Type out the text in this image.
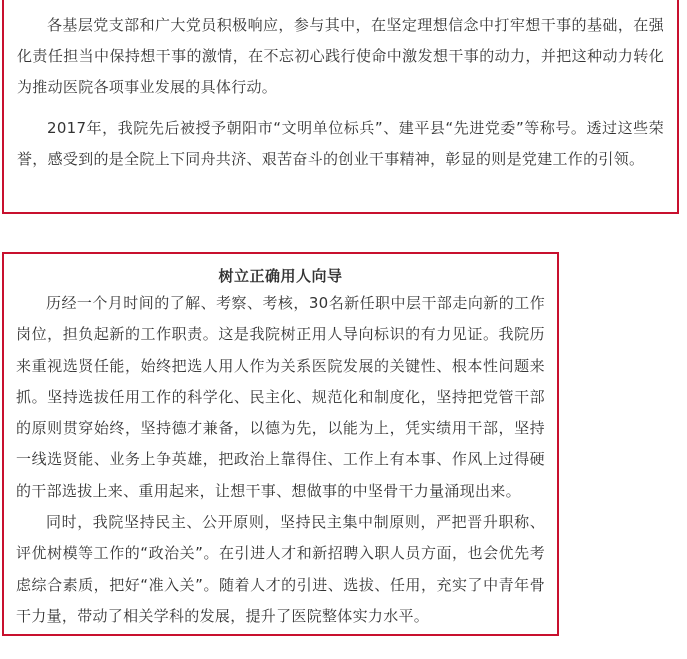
各基层党支部和广大党员积极响应，参与其中，在坚定理想信念中打牢想干事的基础，在强化责任担当中保持想干事的激情，在不忘初心践行使命中激发想干事的动力，并把这种动力转化为推动医院各项事业发展的具体行动。

2017年，我院先后被授予朝阳市“文明单位标兵”、建平县“先进党委”等称号。透过这些荣誉，感受到的是全院上下同舟共济、艰苦奋斗的创业干事精神，彰显的则是党建工作的引领。

树立正确用人向导

历经一个月时间的了解、考察、考核，30名新任职中层干部走向新的工作岗位，担负起新的工作职责。这是我院树正用人导向标识的有力见证。我院历来重视选贤任能，始终把选人用人作为关系医院发展的关键性、根本性问题来抓。坚持选拔任用工作的科学化、民主化、规范化和制度化，坚持把党管干部的原则贯穿始终，坚持德才兼备，以德为先，以能为上，凭实绩用干部，坚持一线选贤能、业务上争英雄，把政治上靠得住、工作上有本事、作风上过得硬的干部选拔上来、重用起来，让想干事、想做事的中坚骨干力量涌现出来。

同时，我院坚持民主、公开原则，坚持民主集中制原则，严把晋升职称、评优树模等工作的“政治关”。在引进人才和新招聘入职人员方面，也会优先考虑综合素质，把好“准入关”。随着人才的引进、选拔、任用，充实了中青年骨干力量，带动了相关学科的发展，提升了医院整体实力水平。
